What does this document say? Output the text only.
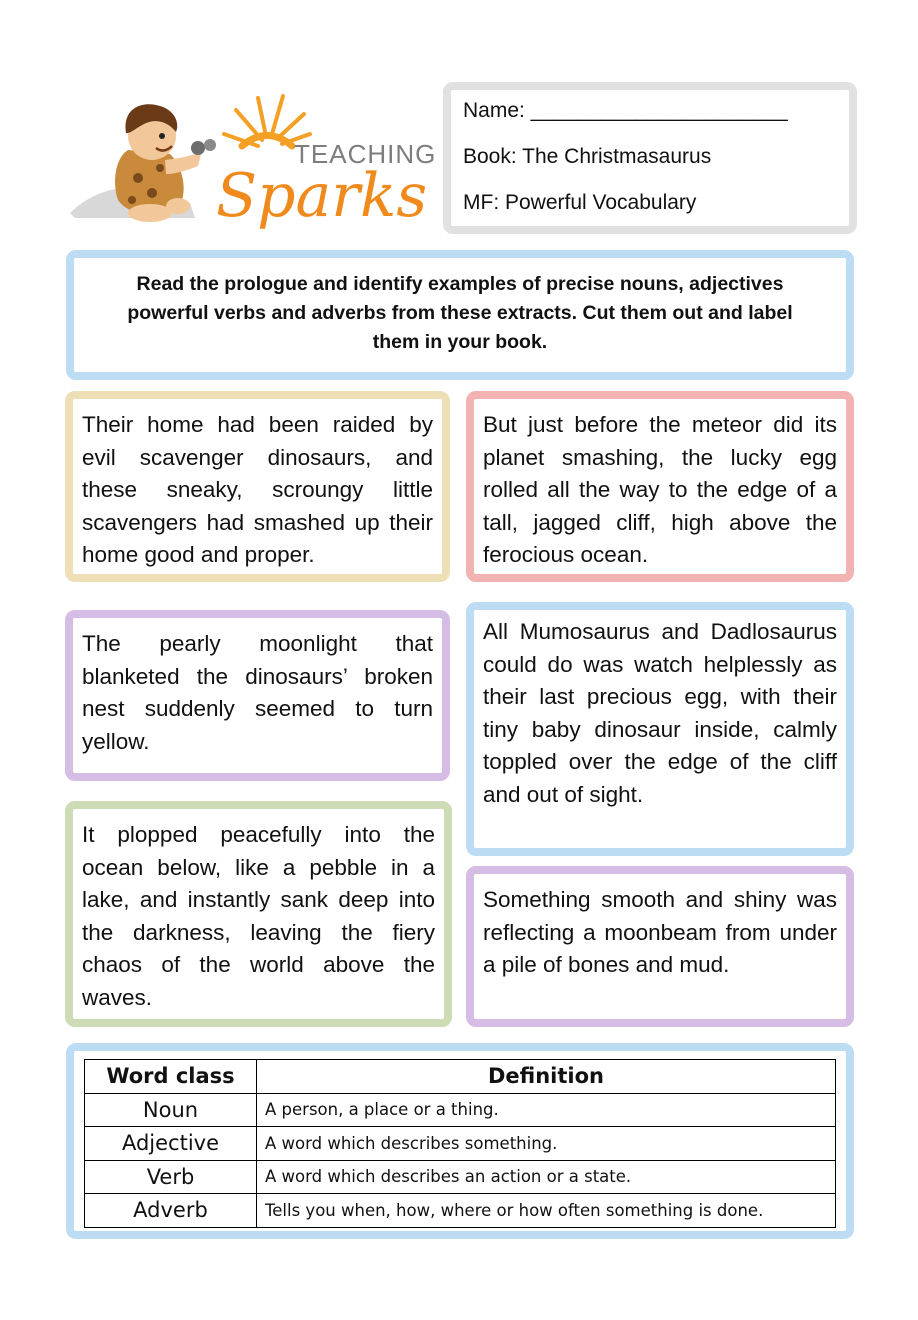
TEACHING
Sparks
Name: ______________________
Book: The Christmasaurus
MF: Powerful Vocabulary
Read the prologue and identify examples of precise nouns, adjectives
powerful verbs and adverbs from these extracts. Cut them out and label
them in your book.
Their home had been raided by evil scavenger dinosaurs, and these sneaky, scroungy little scavengers had smashed up their home good and proper.
But just before the meteor did its planet smashing, the lucky egg rolled all the way to the edge of a tall, jagged cliff, high above the ferocious ocean.
The pearly moonlight that blanketed the dinosaurs’ broken nest suddenly seemed to turn yellow.
All Mumosaurus and Dadlosaurus could do was watch helplessly as their last precious egg, with their tiny baby dinosaur inside, calmly toppled over the edge of the cliff and out of sight.
It plopped peacefully into the ocean below, like a pebble in a lake, and instantly sank deep into the darkness, leaving the fiery chaos of the world above the waves.
Something smooth and shiny was reflecting a moonbeam from under a pile of bones and mud.
Word class	Definition
Noun	A person, a place or a thing.
Adjective	A word which describes something.
Verb	A word which describes an action or a state.
Adverb	Tells you when, how, where or how often something is done.
